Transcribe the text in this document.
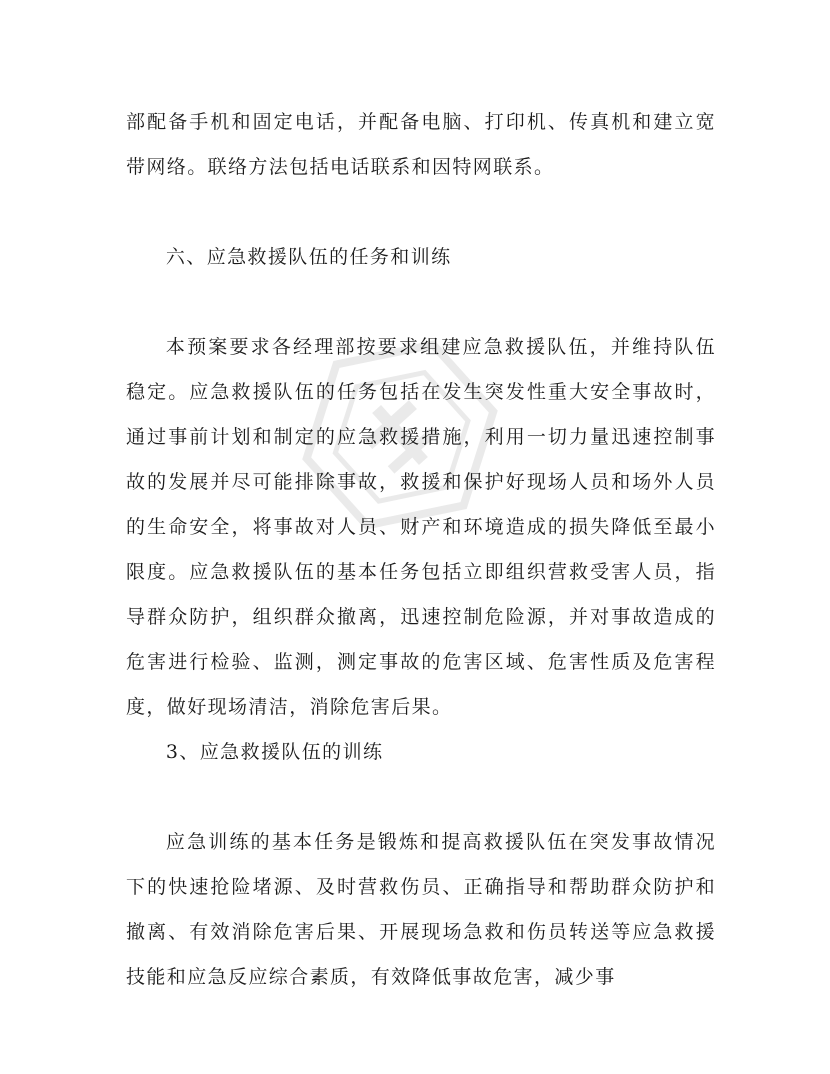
部配备手机和固定电话，并配备电脑、打印机、传真机和建立宽带网络。联络方法包括电话联系和因特网联系。

六、应急救援队伍的任务和训练

本预案要求各经理部按要求组建应急救援队伍，并维持队伍稳定。应急救援队伍的任务包括在发生突发性重大安全事故时，通过事前计划和制定的应急救援措施，利用一切力量迅速控制事故的发展并尽可能排除事故，救援和保护好现场人员和场外人员的生命安全，将事故对人员、财产和环境造成的损失降低至最小限度。应急救援队伍的基本任务包括立即组织营救受害人员，指导群众防护，组织群众撤离，迅速控制危险源，并对事故造成的危害进行检验、监测，测定事故的危害区域、危害性质及危害程度，做好现场清洁，消除危害后果。

3、应急救援队伍的训练

应急训练的基本任务是锻炼和提高救援队伍在突发事故情况下的快速抢险堵源、及时营救伤员、正确指导和帮助群众防护和撤离、有效消除危害后果、开展现场急救和伤员转送等应急救援技能和应急反应综合素质，有效降低事故危害，减少事
